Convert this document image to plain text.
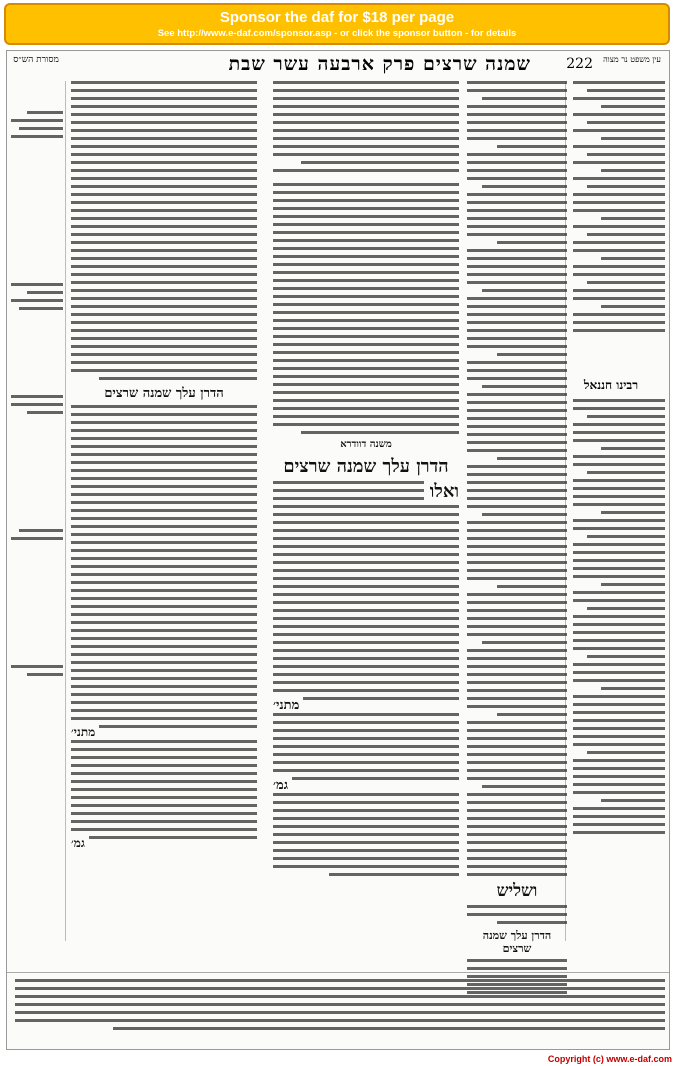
Sponsor the daf for $18 per page
See http://www.e-daf.com/sponsor.asp - or click the sponsor button - for details
עין משפט נר מצוה
222
שמנה שרצים פרק ארבעה עשר שבת
מסורת הש״ס
רבינו חננאל
ושליש
הדרן עלך שמנה שרצים
משנה דוודרא
הדרן עלך שמנה שרצים
ואלו
מתני׳
גמ׳
הדרן עלך שמנה שרצים
מתני׳
גמ׳
Copyright (c) www.e-daf.com
